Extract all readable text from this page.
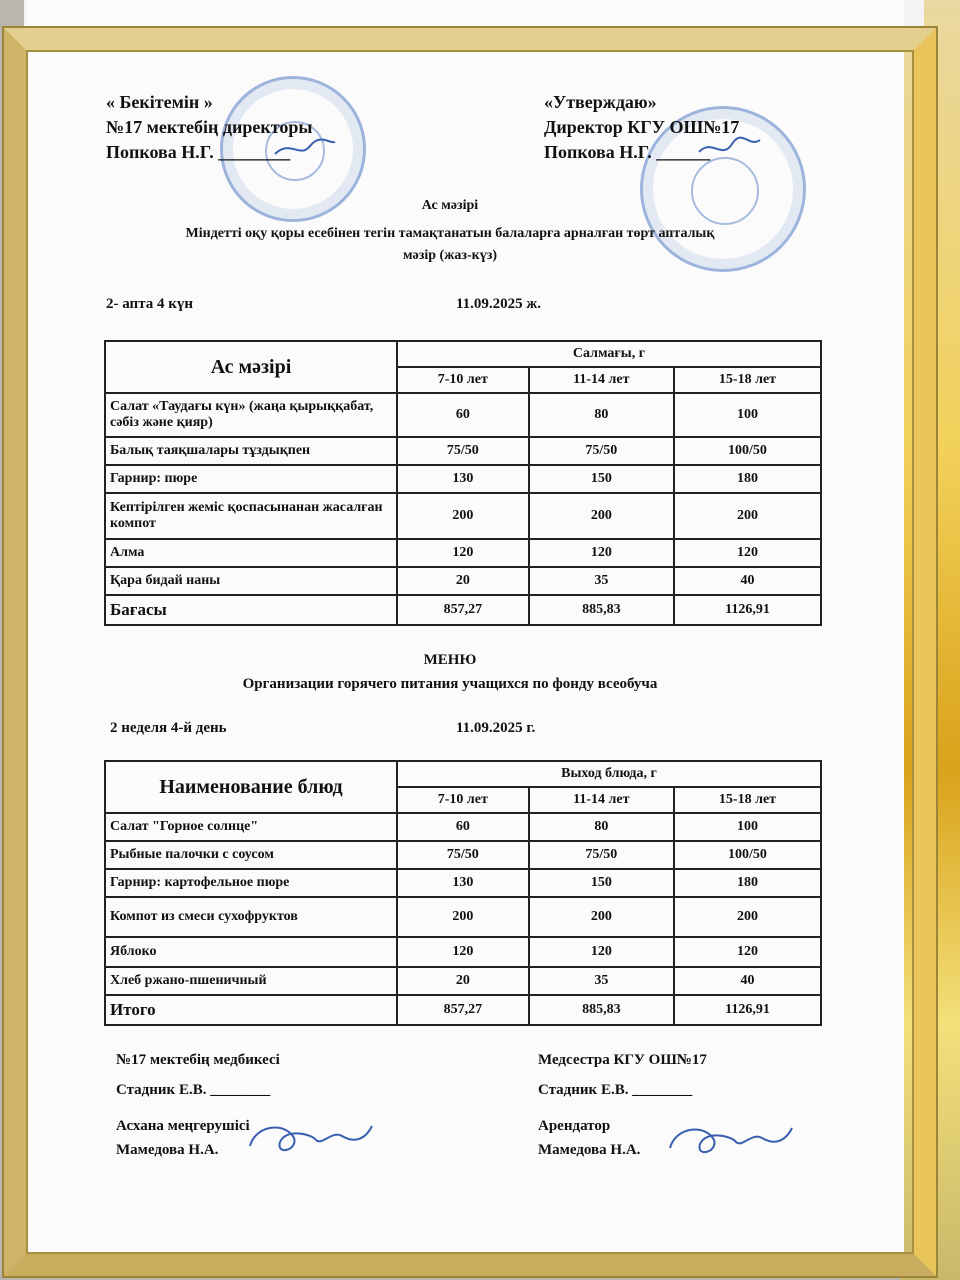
« Бекітемін »
№17 мектебің директоры
Попкова Н.Г. ________
«Утверждаю»
Директор КГУ ОШ№17
Попкова Н.Г. ______
Ас мәзірі
Міндетті оқу қоры есебінен тегін тамақтанатын балаларға арналған төрт апталық
мәзір (жаз-күз)
2- апта 4 күн	11.09.2025 ж.
Ас мәзірі	Салмағы, г		
	7-10 лет	11-14 лет	15-18 лет
Салат «Таудағы күн» (жаңа қырыққабат, сәбіз және қияр)	60	80	100
Балық таяқшалары тұздықпен	75/50	75/50	100/50
Гарнир: пюре	130	150	180
Кептірілген жеміс қоспасынанан жасалған компот	200	200	200
Алма	120	120	120
Қара бидай наны	20	35	40
Бағасы	857,27	885,83	1126,91
МЕНЮ
Организации горячего питания учащихся по фонду всеобуча
2 неделя 4-й день	11.09.2025 г.
Наименование блюд	Выход блюда, г		
	7-10 лет	11-14 лет	15-18 лет
Салат "Горное солнце"	60	80	100
Рыбные палочки с соусом	75/50	75/50	100/50
Гарнир: картофельное пюре	130	150	180
Компот из смеси сухофруктов	200	200	200
Яблоко	120	120	120
Хлеб ржано-пшеничный	20	35	40
Итого	857,27	885,83	1126,91
№17 мектебің медбикесі
Стадник Е.В. ________
Медсестра КГУ ОШ№17
Стадник Е.В. ________
Асхана меңгерушісі
Мамедова Н.А.
Арендатор
Мамедова Н.А.
